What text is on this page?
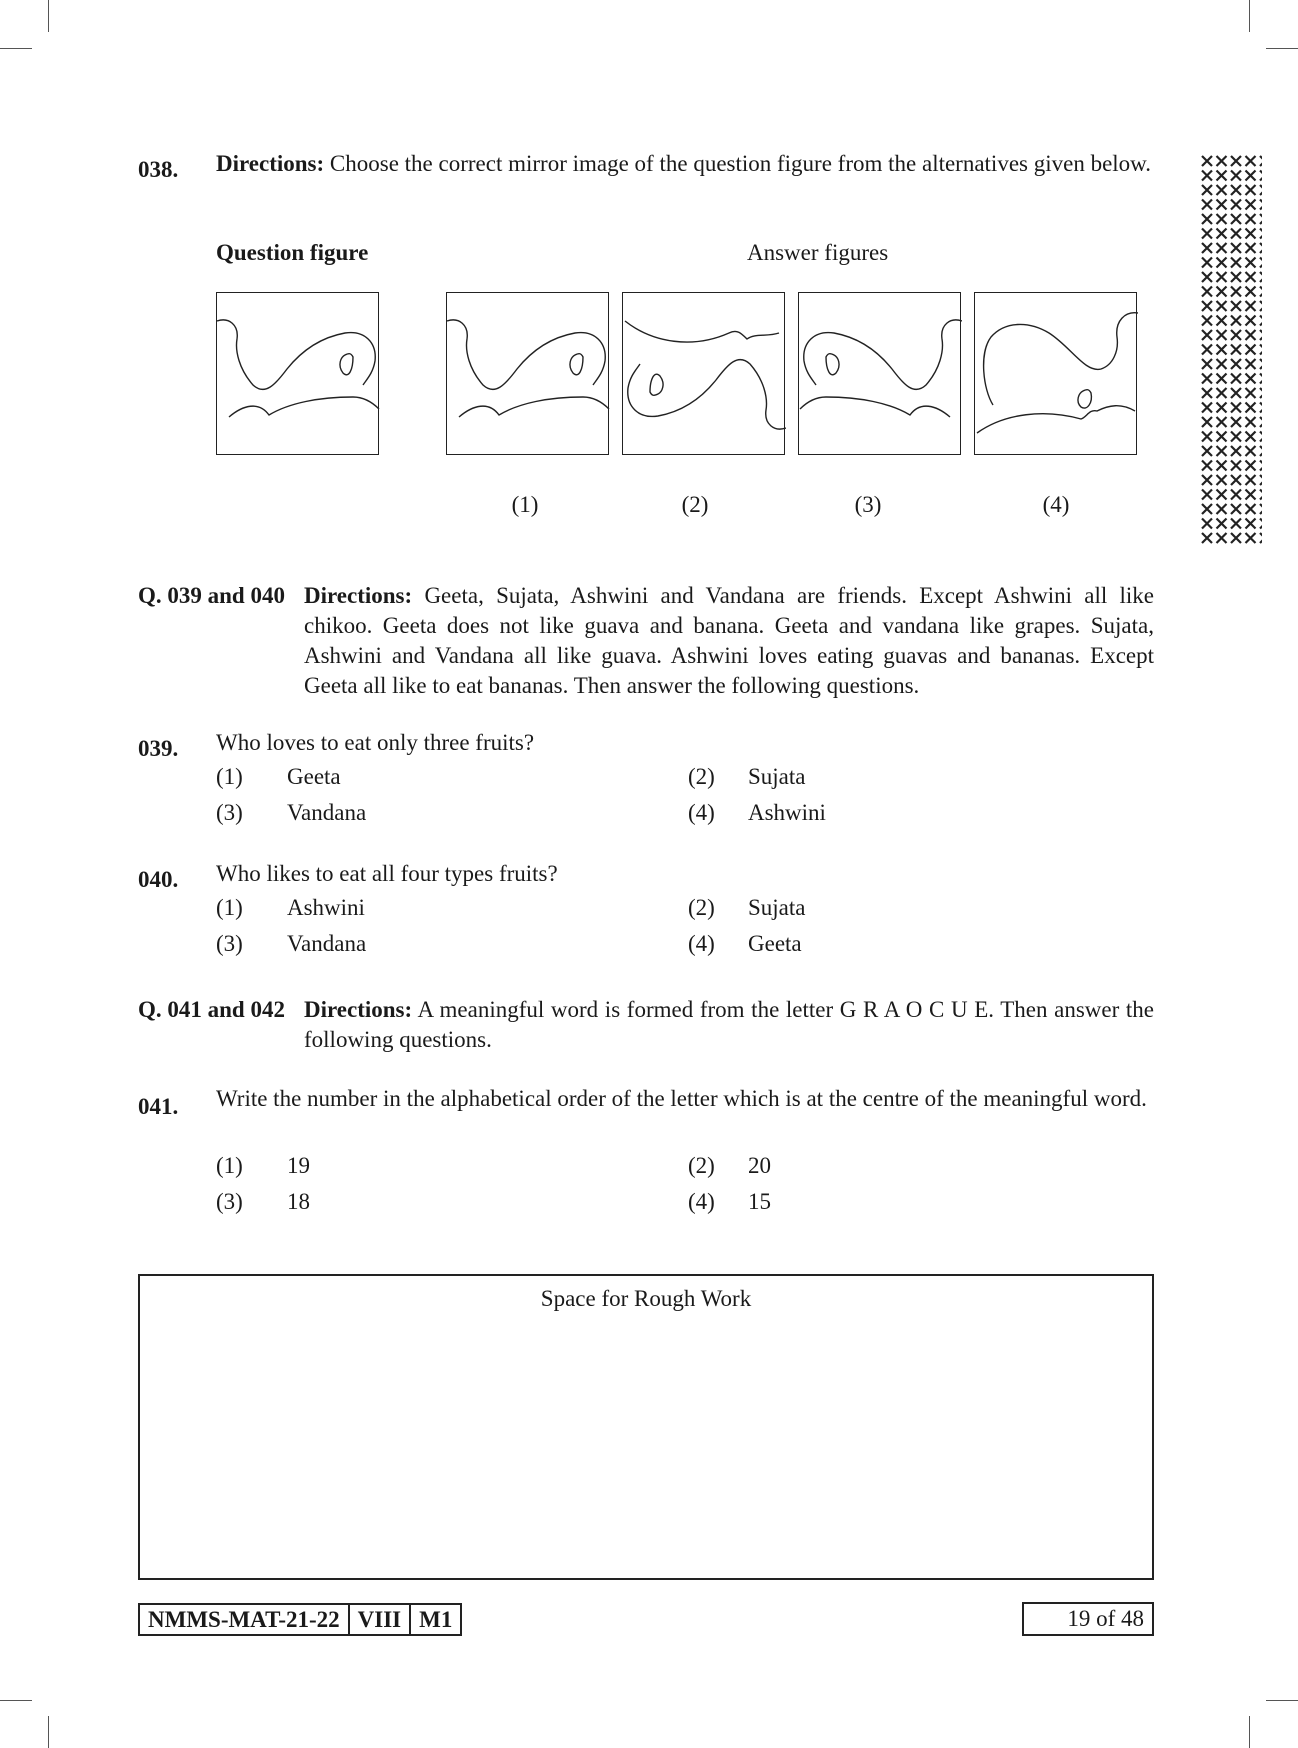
038. Directions: Choose the correct mirror image of the question figure from the alternatives given below.
Question figure	Answer figures
(1)	(2)	(3)	(4)
Q. 039 and 040 Directions: Geeta, Sujata, Ashwini and Vandana are friends. Except Ashwini all like chikoo. Geeta does not like guava and banana. Geeta and vandana like grapes. Sujata, Ashwini and Vandana all like guava. Ashwini loves eating guavas and bananas. Except Geeta all like to eat bananas. Then answer the following questions.
039. Who loves to eat only three fruits?
(1) Geeta	(2) Sujata
(3) Vandana	(4) Ashwini
040. Who likes to eat all four types fruits?
(1) Ashwini	(2) Sujata
(3) Vandana	(4) Geeta
Q. 041 and 042 Directions: A meaningful word is formed from the letter G R A O C U E. Then answer the following questions.
041. Write the number in the alphabetical order of the letter which is at the centre of the meaningful word.
(1) 19	(2) 20
(3) 18	(4) 15
Space for Rough Work
NMMS-MAT-21-22 VIII M1	19 of 48
